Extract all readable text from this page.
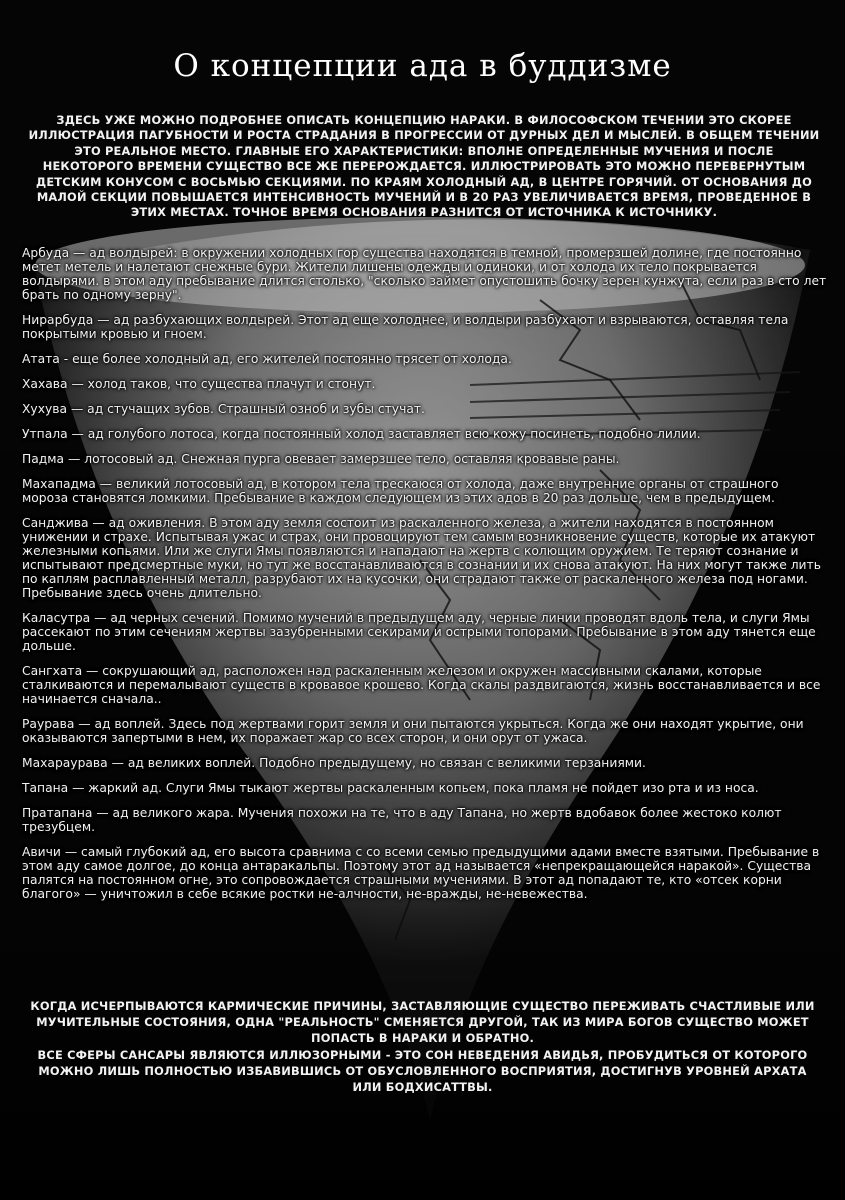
О концепции ада в буддизме
ЗДЕСЬ УЖЕ МОЖНО ПОДРОБНЕЕ ОПИСАТЬ КОНЦЕПЦИЮ НАРАКИ. В ФИЛОСОФСКОМ ТЕЧЕНИИ ЭТО СКОРЕЕ ИЛЛЮСТРАЦИЯ ПАГУБНОСТИ И РОСТА СТРАДАНИЯ В ПРОГРЕССИИ ОТ ДУРНЫХ ДЕЛ И МЫСЛЕЙ. В ОБЩЕМ ТЕЧЕНИИ ЭТО РЕАЛЬНОЕ МЕСТО. ГЛАВНЫЕ ЕГО ХАРАКТЕРИСТИКИ: ВПОЛНЕ ОПРЕДЕЛЕННЫЕ МУЧЕНИЯ И ПОСЛЕ НЕКОТОРОГО ВРЕМЕНИ СУЩЕСТВО ВСЕ ЖЕ ПЕРЕРОЖДАЕТСЯ. ИЛЛЮСТРИРОВАТЬ ЭТО МОЖНО ПЕРЕВЕРНУТЫМ ДЕТСКИМ КОНУСОМ С ВОСЬМЬЮ СЕКЦИЯМИ. ПО КРАЯМ ХОЛОДНЫЙ АД, В ЦЕНТРЕ ГОРЯЧИЙ. ОТ ОСНОВАНИЯ ДО МАЛОЙ СЕКЦИИ ПОВЫШАЕТСЯ ИНТЕНСИВНОСТЬ МУЧЕНИЙ И В 20 РАЗ УВЕЛИЧИВАЕТСЯ ВРЕМЯ, ПРОВЕДЕННОЕ В ЭТИХ МЕСТАХ. ТОЧНОЕ ВРЕМЯ ОСНОВАНИЯ РАЗНИТСЯ ОТ ИСТОЧНИКА К ИСТОЧНИКУ.

Арбуда — ад волдырей: в окружении холодных гор существа находятся в темной, промерзшей долине, где постоянно метет метель и налетают снежные бури. Жители лишены одежды и одиноки, и от холода их тело покрывается волдырями. в этом аду пребывание длится столько, "сколько займет опустошить бочку зерен кунжута, если раз в сто лет брать по одному зерну".

Нирарбуда — ад разбухающих волдырей. Этот ад еще холоднее, и волдыри разбухают и взрываются, оставляя тела покрытыми кровью и гноем.

Атата - еще более холодный ад, его жителей постоянно трясет от холода.

Хахава — холод таков, что существа плачут и стонут.

Хухува — ад стучащих зубов. Страшный озноб и зубы стучат.

Утпала — ад голубого лотоса, когда постоянный холод заставляет всю кожу посинеть, подобно лилии.

Падма — лотосовый ад. Снежная пурга овевает замерзшее тело, оставляя кровавые раны.

Махападма — великий лотосовый ад, в котором тела трескаюся от холода, даже внутренние органы от страшного мороза становятся ломкими. Пребывание в каждом следующем из этих адов в 20 раз дольше, чем в предыдущем.

Санджива — ад оживления. В этом аду земля состоит из раскаленного железа, а жители находятся в постоянном унижении и страхе. Испытывая ужас и страх, они провоцируют тем самым возникновение существ, которые их атакуют железными копьями. Или же слуги Ямы появляются и нападают на жертв с колющим оружием. Те теряют сознание и испытывают предсмертные муки, но тут же восстанавливаются в сознании и их снова атакуют. На них могут также лить по каплям расплавленный металл, разрубают их на кусочки, они страдают также от раскаленного железа под ногами. Пребывание здесь очень длительно.

Каласутра — ад черных сечений. Помимо мучений в предыдущем аду, черные линии проводят вдоль тела, и слуги Ямы рассекают по этим сечениям жертвы зазубренными секирами и острыми топорами. Пребывание в этом аду тянется еще дольше.

Сангхата — сокрушающий ад, расположен над раскаленным железом и окружен массивными скалами, которые сталкиваются и перемалывают существ в кровавое крошево. Когда скалы раздвигаются, жизнь восстанавливается и все начинается сначала..

Раурава — ад воплей. Здесь под жертвами горит земля и они пытаются укрыться. Когда же они находят укрытие, они оказываются запертыми в нем, их поражает жар со всех сторон, и они орут от ужаса.

Махараурава — ад великих воплей. Подобно предыдущему, но связан с великими терзаниями.

Тапана — жаркий ад. Слуги Ямы тыкают жертвы раскаленным копьем, пока пламя не пойдет изо рта и из носа.

Пратапана — ад великого жара. Мучения похожи на те, что в аду Тапана, но жертв вдобавок более жестоко колют трезубцем.

Авичи — самый глубокий ад, его высота сравнима с со всеми семью предыдущими адами вместе взятыми. Пребывание в этом аду самое долгое, до конца антаракальпы. Поэтому этот ад называется «непрекращающейся наракой». Существа палятся на постоянном огне, это сопровождается страшными мучениями. В этот ад попадают те, кто «отсек корни благого» — уничтожил в себе всякие ростки не-алчности, не-вражды, не-невежества.

КОГДА ИСЧЕРПЫВАЮТСЯ КАРМИЧЕСКИЕ ПРИЧИНЫ, ЗАСТАВЛЯЮЩИЕ СУЩЕСТВО ПЕРЕЖИВАТЬ СЧАСТЛИВЫЕ ИЛИ МУЧИТЕЛЬНЫЕ СОСТОЯНИЯ, ОДНА "РЕАЛЬНОСТЬ" СМЕНЯЕТСЯ ДРУГОЙ, ТАК ИЗ МИРА БОГОВ СУЩЕСТВО МОЖЕТ ПОПАСТЬ В НАРАКИ И ОБРАТНО.

ВСЕ СФЕРЫ САНСАРЫ ЯВЛЯЮТСЯ ИЛЛЮЗОРНЫМИ - ЭТО СОН НЕВЕДЕНИЯ АВИДЬЯ, ПРОБУДИТЬСЯ ОТ КОТОРОГО МОЖНО ЛИШЬ ПОЛНОСТЬЮ ИЗБАВИВШИСЬ ОТ ОБУСЛОВЛЕННОГО ВОСПРИЯТИЯ, ДОСТИГНУВ УРОВНЕЙ АРХАТА ИЛИ БОДХИСАТТВЫ.
